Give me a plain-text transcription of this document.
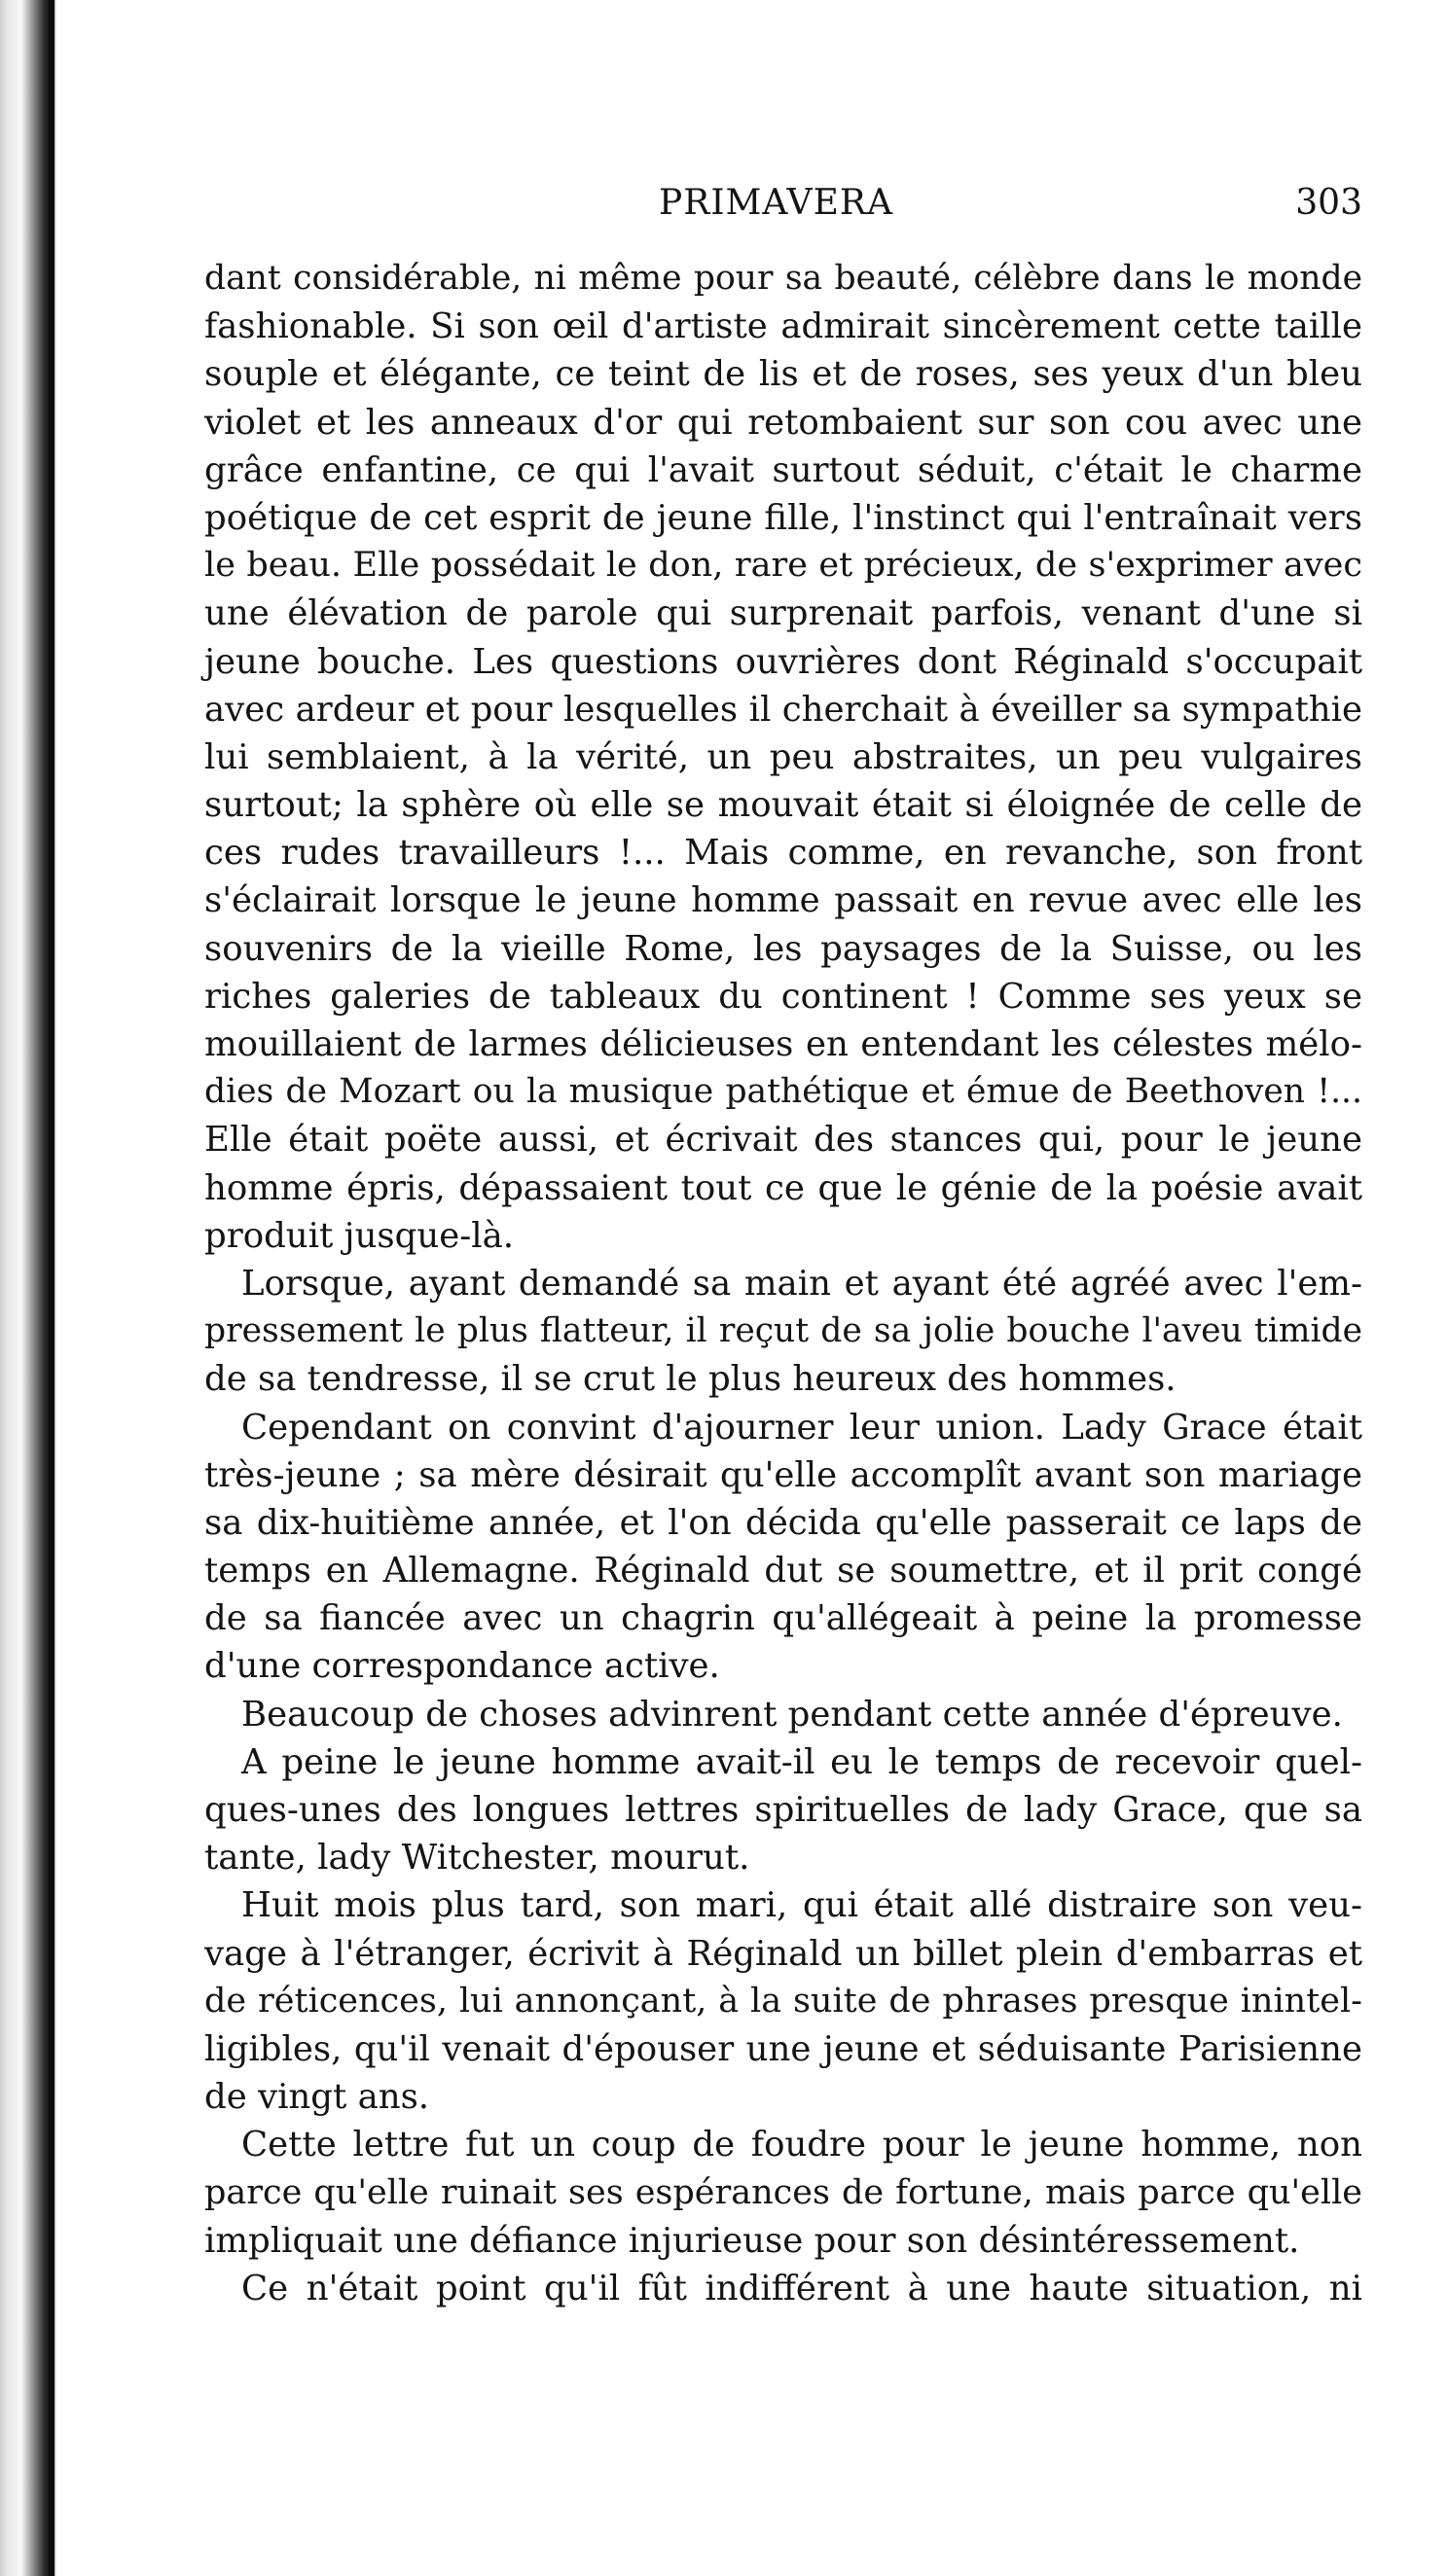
PRIMAVERA	303
dant considérable, ni même pour sa beauté, célèbre dans le monde
fashionable. Si son œil d'artiste admirait sincèrement cette taille
souple et élégante, ce teint de lis et de roses, ses yeux d'un bleu
violet et les anneaux d'or qui retombaient sur son cou avec une
grâce enfantine, ce qui l'avait surtout séduit, c'était le charme
poétique de cet esprit de jeune fille, l'instinct qui l'entraînait vers
le beau. Elle possédait le don, rare et précieux, de s'exprimer avec
une élévation de parole qui surprenait parfois, venant d'une si
jeune bouche. Les questions ouvrières dont Réginald s'occupait
avec ardeur et pour lesquelles il cherchait à éveiller sa sympathie
lui semblaient, à la vérité, un peu abstraites, un peu vulgaires
surtout; la sphère où elle se mouvait était si éloignée de celle de
ces rudes travailleurs !... Mais comme, en revanche, son front
s'éclairait lorsque le jeune homme passait en revue avec elle les
souvenirs de la vieille Rome, les paysages de la Suisse, ou les
riches galeries de tableaux du continent ! Comme ses yeux se
mouillaient de larmes délicieuses en entendant les célestes mélo-
dies de Mozart ou la musique pathétique et émue de Beethoven !...
Elle était poëte aussi, et écrivait des stances qui, pour le jeune
homme épris, dépassaient tout ce que le génie de la poésie avait
produit jusque-là.
Lorsque, ayant demandé sa main et ayant été agréé avec l'em-
pressement le plus flatteur, il reçut de sa jolie bouche l'aveu timide
de sa tendresse, il se crut le plus heureux des hommes.
Cependant on convint d'ajourner leur union. Lady Grace était
très-jeune ; sa mère désirait qu'elle accomplît avant son mariage
sa dix-huitième année, et l'on décida qu'elle passerait ce laps de
temps en Allemagne. Réginald dut se soumettre, et il prit congé
de sa fiancée avec un chagrin qu'allégeait à peine la promesse
d'une correspondance active.
Beaucoup de choses advinrent pendant cette année d'épreuve.
A peine le jeune homme avait-il eu le temps de recevoir quel-
ques-unes des longues lettres spirituelles de lady Grace, que sa
tante, lady Witchester, mourut.
Huit mois plus tard, son mari, qui était allé distraire son veu-
vage à l'étranger, écrivit à Réginald un billet plein d'embarras et
de réticences, lui annonçant, à la suite de phrases presque inintel-
ligibles, qu'il venait d'épouser une jeune et séduisante Parisienne
de vingt ans.
Cette lettre fut un coup de foudre pour le jeune homme, non
parce qu'elle ruinait ses espérances de fortune, mais parce qu'elle
impliquait une défiance injurieuse pour son désintéressement.
Ce n'était point qu'il fût indifférent à une haute situation, ni
